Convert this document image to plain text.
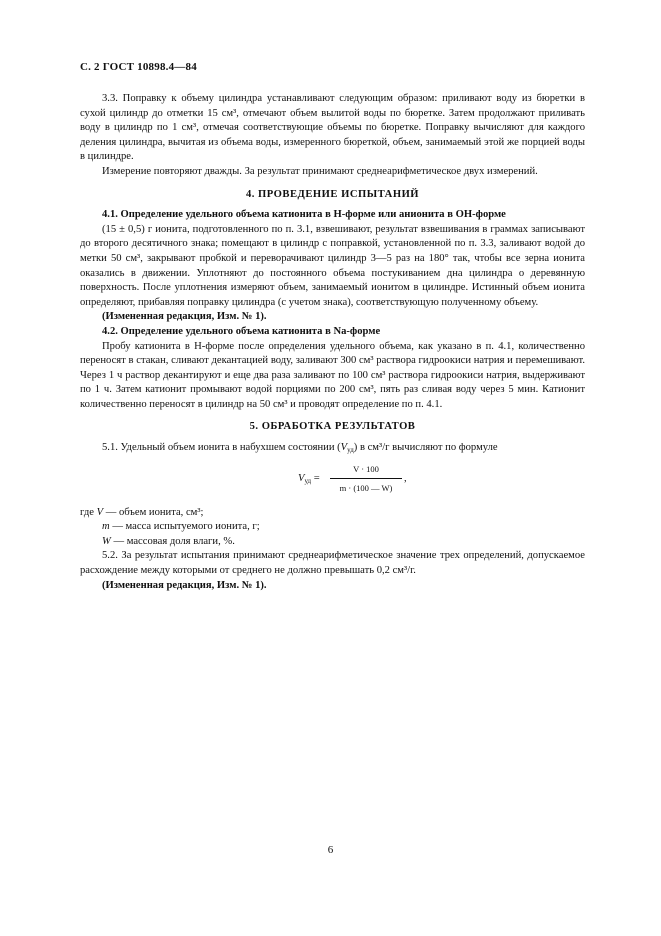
С. 2 ГОСТ 10898.4—84

3.3. Поправку к объему цилиндра устанавливают следующим образом: приливают воду из бюретки в сухой цилиндр до отметки 15 см³, отмечают объем вылитой воды по бюретке. Затем продолжают приливать воду в цилиндр по 1 см³, отмечая соответствующие объемы по бюретке. Поправку вычисляют для каждого деления цилиндра, вычитая из объема воды, измеренного бюреткой, объем, занимаемый этой же порцией воды в цилиндре.

Измерение повторяют дважды. За результат принимают среднеарифметическое двух измерений.

4. ПРОВЕДЕНИЕ ИСПЫТАНИЙ

4.1. Определение удельного объема катионита в Н-форме или анионита в ОН-форме

(15 ± 0,5) г ионита, подготовленного по п. 3.1, взвешивают, результат взвешивания в граммах записывают до второго десятичного знака; помещают в цилиндр с поправкой, установленной по п. 3.3, заливают водой до метки 50 см³, закрывают пробкой и переворачивают цилиндр 3—5 раз на 180° так, чтобы все зерна ионита оказались в движении. Уплотняют до постоянного объема постукиванием дна цилиндра о деревянную поверхность. После уплотнения измеряют объем, занимаемый ионитом в цилиндре. Истинный объем ионита определяют, прибавляя поправку цилиндра (с учетом знака), соответствующую полученному объему.

(Измененная редакция, Изм. № 1).

4.2. Определение удельного объема катионита в Na-форме

Пробу катионита в Н-форме после определения удельного объема, как указано в п. 4.1, количественно переносят в стакан, сливают декантацией воду, заливают 300 см³ раствора гидроокиси натрия и перемешивают. Через 1 ч раствор декантируют и еще два раза заливают по 100 см³ раствора гидроокиси натрия, выдерживают по 1 ч. Затем катионит промывают водой порциями по 200 см³, пять раз сливая воду через 5 мин. Катионит количественно переносят в цилиндр на 50 см³ и проводят определение по п. 4.1.

5. ОБРАБОТКА РЕЗУЛЬТАТОВ

5.1. Удельный объем ионита в набухшем состоянии $(V_{уд})$ в см³/г вычисляют по формуле

$V_{уд} = \frac{V \cdot 100}{m \cdot (100 — W)}$ ,
где V — объем ионита, см³;
m — масса испытуемого ионита, г;
W — массовая доля влаги, %.

5.2. За результат испытания принимают среднеарифметическое значение трех определений, допускаемое расхождение между которыми от среднего не должно превышать 0,2 см³/г.

(Измененная редакция, Изм. № 1).

6
